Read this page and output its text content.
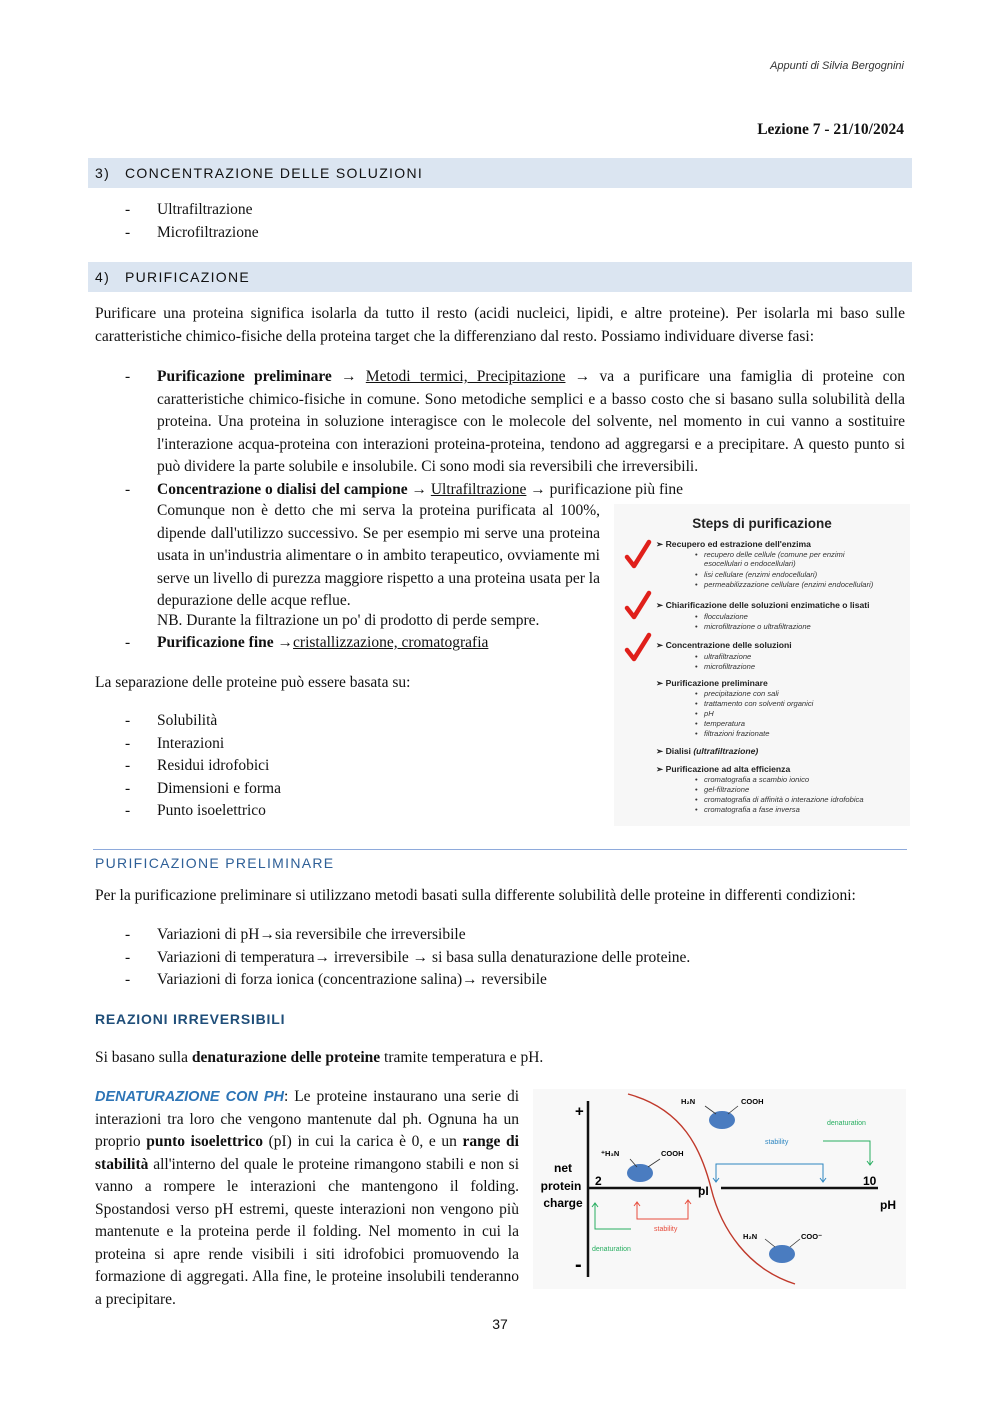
Appunti di Silvia Bergognini
Lezione 7 - 21/10/2024
3) CONCENTRAZIONE DELLE SOLUZIONI
- Ultrafiltrazione
- Microfiltrazione
4) PURIFICAZIONE
Purificare una proteina significa isolarla da tutto il resto (acidi nucleici, lipidi, e altre proteine). Per isolarla mi baso sulle caratteristiche chimico-fisiche della proteina target che la differenziano dal resto. Possiamo individuare diverse fasi:
- Purificazione preliminare → Metodi termici, Precipitazione → va a purificare una famiglia di proteine con caratteristiche chimico-fisiche in comune. Sono metodiche semplici e a basso costo che si basano sulla solubilità della proteina. Una proteina in soluzione interagisce con le molecole del solvente, nel momento in cui vanno a sostituire l'interazione acqua-proteina con interazioni proteina-proteina, tendono ad aggregarsi e a precipitare. A questo punto si può dividere la parte solubile e insolubile. Ci sono modi sia reversibili che irreversibili.
- Concentrazione o dialisi del campione → Ultrafiltrazione → purificazione più fine
Comunque non è detto che mi serva la proteina purificata al 100%, dipende dall'utilizzo successivo. Se per esempio mi serve una proteina usata in un'industria alimentare o in ambito terapeutico, ovviamente mi serve un livello di purezza maggiore rispetto a una proteina usata per la depurazione delle acque reflue.
NB. Durante la filtrazione un po' di prodotto di perde sempre.
- Purificazione fine →cristallizzazione, cromatografia
La separazione delle proteine può essere basata su:
- Solubilità
- Interazioni
- Residui idrofobici
- Dimensioni e forma
- Punto isoelettrico
Steps di purificazione
➢ Recupero ed estrazione dell'enzima
• recupero delle cellule (comune per enzimi
esocellulari o endocellulari)
• lisi cellulare (enzimi endocellulari)
• permeabilizzazione cellulare (enzimi endocellulari)
➢ Chiarificazione delle soluzioni enzimatiche o lisati
• flocculazione
• microfiltrazione o ultrafiltrazione
➢ Concentrazione delle soluzioni
• ultrafiltrazione
• microfiltrazione
➢ Purificazione preliminare
• precipitazione con sali
• trattamento con solventi organici
• pH
• temperatura
• filtrazioni frazionate
➢ Dialisi (ultrafiltrazione)
➢ Purificazione ad alta efficienza
• cromatografia a scambio ionico
• gel-filtrazione
• cromatografia di affinità o interazione idrofobica
• cromatografia a fase inversa
PURIFICAZIONE PRELIMINARE
Per la purificazione preliminare si utilizzano metodi basati sulla differente solubilità delle proteine in differenti condizioni:
- Variazioni di pH→sia reversibile che irreversibile
- Variazioni di temperatura→ irreversibile → si basa sulla denaturazione delle proteine.
- Variazioni di forza ionica (concentrazione salina)→ reversibile
REAZIONI IRREVERSIBILI
Si basano sulla denaturazione delle proteine tramite temperatura e pH.
DENATURAZIONE CON PH: Le proteine instaurano una serie di interazioni tra loro che vengono mantenute dal ph. Ognuna ha un proprio punto isoelettrico (pI) in cui la carica è 0, e un range di stabilità all'interno del quale le proteine rimangono stabili e non si vanno a rompere le interazioni che mantengono il folding. Spostandosi verso pH estremi, queste interazioni non vengono più mantenute e la proteina perde il folding. Nel momento in cui la proteina si apre rende visibili i siti idrofobici promuovendo la formazione di aggregati. Alla fine, le proteine insolubili tenderanno a precipitare.
+
-
net
protein
charge
2	10
pI
pH
⁺H₃N	COOH
H₂N	COOH
H₂N	COO⁻
stability
denaturation
stability
denaturation
37
